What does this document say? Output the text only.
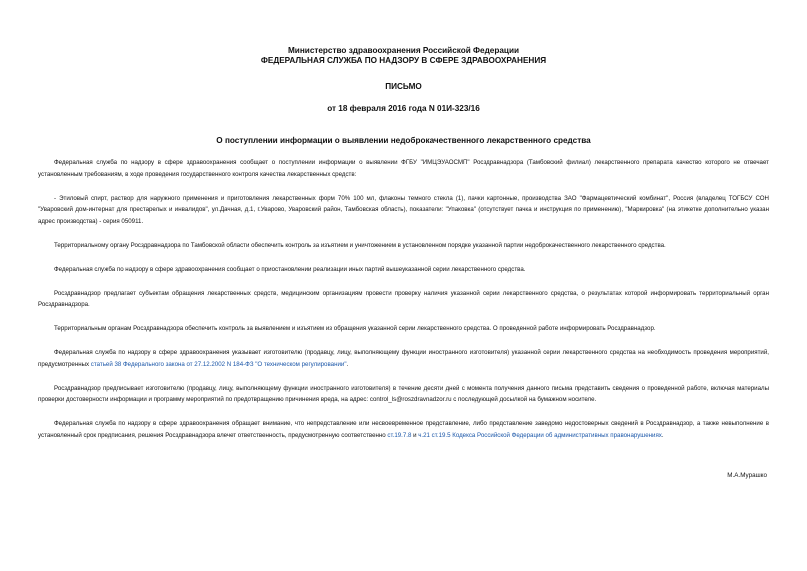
Министерство здравоохранения Российской Федерации
ФЕДЕРАЛЬНАЯ СЛУЖБА ПО НАДЗОРУ В СФЕРЕ ЗДРАВООХРАНЕНИЯ
ПИСЬМО
от 18 февраля 2016 года N 01И-323/16
О поступлении информации о выявлении недоброкачественного лекарственного средства

Федеральная служба по надзору в сфере здравоохранения сообщает о поступлении информации о выявлении ФГБУ "ИМЦЭУАОСМП" Росздравнадзора (Тамбовский филиал) лекарственного препарата качество которого не отвечает установленным требованиям, в ходе проведения государственного контроля качества лекарственных средств:

- Этиловый спирт, раствор для наружного применения и приготовления лекарственных форм 70% 100 мл, флаконы темного стекла (1), пачки картонные, производства ЗАО "Фармацевтический комбинат", Россия (владелец ТОГБСУ СОН "Уваровский дом-интернат для престарелых и инвалидов", ул.Дачная, д.1, г.Уварово, Уваровский район, Тамбовская область), показатели: "Упаковка" (отсутствует пачка и инструкция по применению), "Маркировка" (на этикетке дополнительно указан адрес производства) - серия 050911.

Территориальному органу Росздравнадзора по Тамбовской области обеспечить контроль за изъятием и уничтожением в установленном порядке указанной партии недоброкачественного лекарственного средства.

Федеральная служба по надзору в сфере здравоохранения сообщает о приостановлении реализации иных партий вышеуказанной серии лекарственного средства.

Росздравнадзор предлагает субъектам обращения лекарственных средств, медицинским организациям провести проверку наличия указанной серии лекарственного средства, о результатах которой информировать территориальный орган Росздравнадзора.

Территориальным органам Росздравнадзора обеспечить контроль за выявлением и изъятием из обращения указанной серии лекарственного средства. О проведенной работе информировать Росздравнадзор.

Федеральная служба по надзору в сфере здравоохранения указывает изготовителю (продавцу, лицу, выполняющему функции иностранного изготовителя) указанной серии лекарственного средства на необходимость проведения мероприятий, предусмотренных статьей 38 Федерального закона от 27.12.2002 N 184-ФЗ "О техническом регулировании".

Росздравнадзор предписывает изготовителю (продавцу, лицу, выполняющему функции иностранного изготовителя) в течение десяти дней с момента получения данного письма представить сведения о проведенной работе, включая материалы проверки достоверности информации и программу мероприятий по предотвращению причинения вреда, на адрес: control_ls@roszdravnadzor.ru с последующей досылкой на бумажном носителе.

Федеральная служба по надзору в сфере здравоохранения обращает внимание, что непредставление или несвоевременное представление, либо представление заведомо недостоверных сведений в Росздравнадзор, а также невыполнение в установленный срок предписания, решения Росздравнадзора влечет ответственность, предусмотренную соответственно ст.19.7.8 и ч.21 ст.19.5 Кодекса Российской Федерации об административных правонарушениях.

М.А.Мурашко
